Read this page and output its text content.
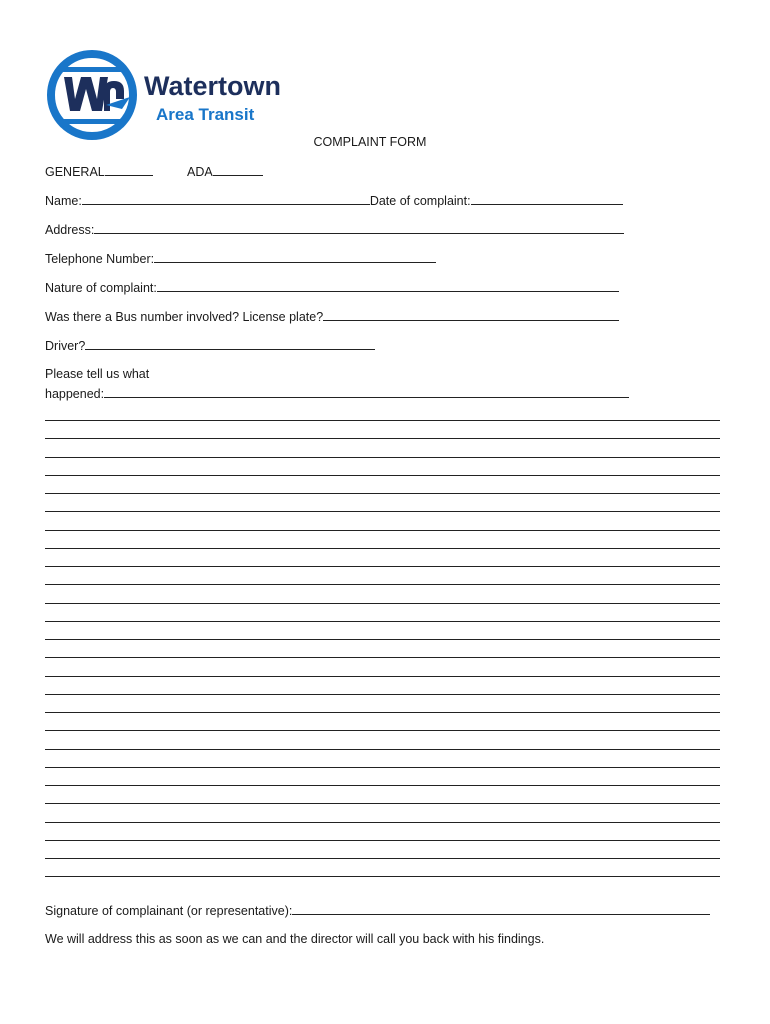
Watertown
Area Transit
COMPLAINT FORM
GENERAL	ADA
Name:	Date of complaint:
Address:
Telephone Number:
Nature of complaint:
Was there a Bus number involved? License plate?
Driver?
Please tell us what
happened:
Signature of complainant (or representative):
We will address this as soon as we can and the director will call you back with his findings.
